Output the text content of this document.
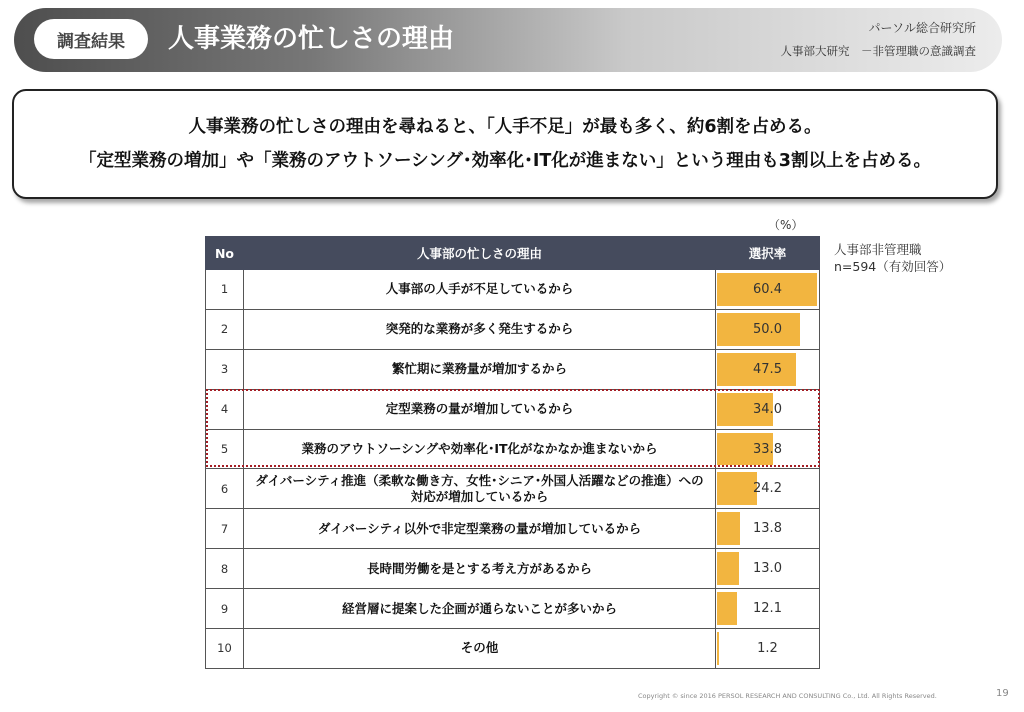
調査結果	人事業務の忙しさの理由	パーソル総合研究所
人事部大研究　－非管理職の意識調査
人事業務の忙しさの理由を尋ねると、「人手不足」が最も多く、約6割を占める。
「定型業務の増加」や「業務のアウトソーシング･効率化･IT化が進まない」という理由も3割以上を占める。
（%）
人事部非管理職
n=594（有効回答）
No	人事部の忙しさの理由	選択率
1	人事部の人手が不足しているから	60.4

2	突発的な業務が多く発生するから	50.0

3	繁忙期に業務量が増加するから	47.5

4	定型業務の量が増加しているから	34.0

5	業務のアウトソーシングや効率化･IT化がなかなか進まないから	33.8

6	ダイバーシティ推進（柔軟な働き方、女性･シニア･外国人活躍などの推進）への
対応が増加しているから	24.2

7	ダイバーシティ以外で非定型業務の量が増加しているから	13.8

8	長時間労働を是とする考え方があるから	13.0

9	経営層に提案した企画が通らないことが多いから	12.1

10	その他	1.2
Copyright © since 2016 PERSOL RESEARCH AND CONSULTING Co., Ltd. All Rights Reserved.	19
